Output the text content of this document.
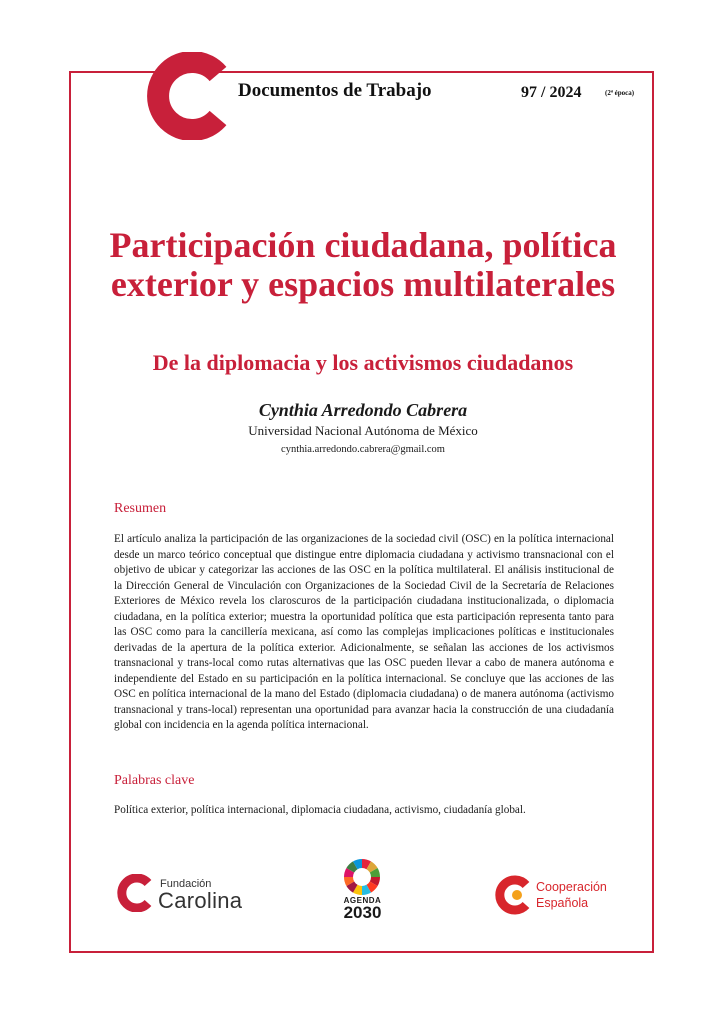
Documentos de Trabajo	97 / 2024	(2ª época)
Participación ciudadana, política exterior y espacios multilaterales
De la diplomacia y los activismos ciudadanos
Cynthia Arredondo Cabrera
Universidad Nacional Autónoma de México
cynthia.arredondo.cabrera@gmail.com
Resumen
El artículo analiza la participación de las organizaciones de la sociedad civil (OSC) en la política internacional desde un marco teórico conceptual que distingue entre diplomacia ciudadana y activismo transnacional con el objetivo de ubicar y categorizar las acciones de las OSC en la política multilateral. El análisis institucional de la Dirección General de Vinculación con Organizaciones de la Sociedad Civil de la Secretaría de Relaciones Exteriores de México revela los claroscuros de la participación ciudadana institucionalizada, o diplomacia ciudadana, en la política exterior; muestra la oportunidad política que esta participación representa tanto para las OSC como para la cancillería mexicana, así como las complejas implicaciones políticas e institucionales derivadas de la apertura de la política exterior. Adicionalmente, se señalan las acciones de los activismos transnacional y trans-local como rutas alternativas que las OSC pueden llevar a cabo de manera autónoma e independiente del Estado en su participación en la política internacional. Se concluye que las acciones de las OSC en política internacional de la mano del Estado (diplomacia ciudadana) o de manera autónoma (activismo transnacional y trans-local) representan una oportunidad para avanzar hacia la construcción de una ciudadanía global con incidencia en la agenda política internacional.
Palabras clave
Política exterior, política internacional, diplomacia ciudadana, activismo, ciudadanía global.
Fundación
Carolina	AGENDA
2030
Cooperación
Española
